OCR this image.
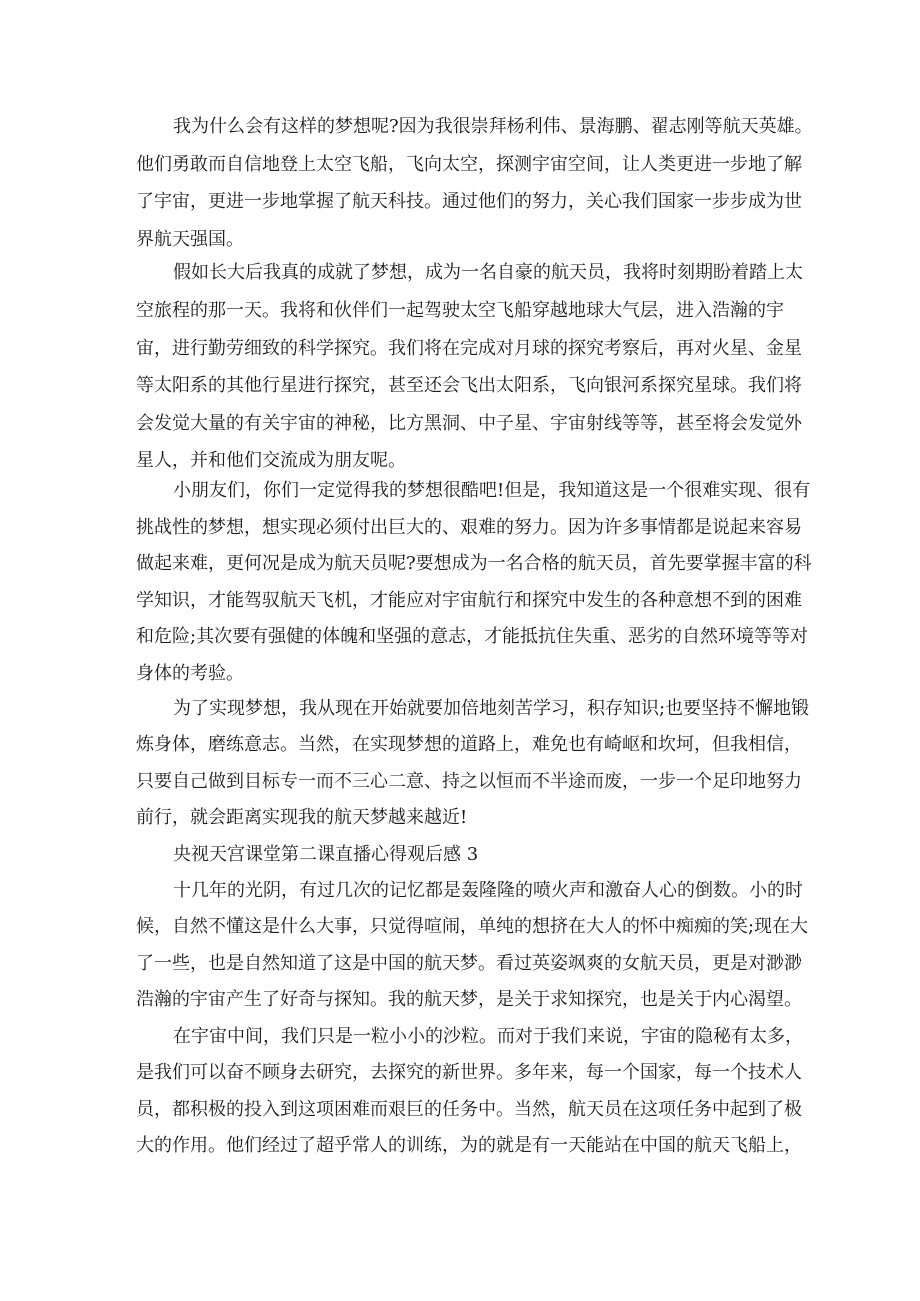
我为什么会有这样的梦想呢?因为我很崇拜杨利伟、景海鹏、翟志刚等航天英雄。
他们勇敢而自信地登上太空飞船，飞向太空，探测宇宙空间，让人类更进一步地了解
了宇宙，更进一步地掌握了航天科技。通过他们的努力，关心我们国家一步步成为世
界航天强国。
假如长大后我真的成就了梦想，成为一名自豪的航天员，我将时刻期盼着踏上太
空旅程的那一天。我将和伙伴们一起驾驶太空飞船穿越地球大气层，进入浩瀚的宇
宙，进行勤劳细致的科学探究。我们将在完成对月球的探究考察后，再对火星、金星
等太阳系的其他行星进行探究，甚至还会飞出太阳系，飞向银河系探究星球。我们将
会发觉大量的有关宇宙的神秘，比方黑洞、中子星、宇宙射线等等，甚至将会发觉外
星人，并和他们交流成为朋友呢。
小朋友们，你们一定觉得我的梦想很酷吧!但是，我知道这是一个很难实现、很有
挑战性的梦想，想实现必须付出巨大的、艰难的努力。因为许多事情都是说起来容易
做起来难，更何况是成为航天员呢?要想成为一名合格的航天员，首先要掌握丰富的科
学知识，才能驾驭航天飞机，才能应对宇宙航行和探究中发生的各种意想不到的困难
和危险;其次要有强健的体魄和坚强的意志，才能抵抗住失重、恶劣的自然环境等等对
身体的考验。
为了实现梦想，我从现在开始就要加倍地刻苦学习，积存知识;也要坚持不懈地锻
炼身体，磨练意志。当然，在实现梦想的道路上，难免也有崎岖和坎坷，但我相信，
只要自己做到目标专一而不三心二意、持之以恒而不半途而废，一步一个足印地努力
前行，就会距离实现我的航天梦越来越近!
央视天宫课堂第二课直播心得观后感 3
十几年的光阴，有过几次的记忆都是轰隆隆的喷火声和激奋人心的倒数。小的时
候，自然不懂这是什么大事，只觉得喧闹，单纯的想挤在大人的怀中痴痴的笑;现在大
了一些，也是自然知道了这是中国的航天梦。看过英姿飒爽的女航天员，更是对渺渺
浩瀚的宇宙产生了好奇与探知。我的航天梦，是关于求知探究，也是关于内心渴望。
在宇宙中间，我们只是一粒小小的沙粒。而对于我们来说，宇宙的隐秘有太多，
是我们可以奋不顾身去研究，去探究的新世界。多年来，每一个国家，每一个技术人
员，都积极的投入到这项困难而艰巨的任务中。当然，航天员在这项任务中起到了极
大的作用。他们经过了超乎常人的训练，为的就是有一天能站在中国的航天飞船上，
